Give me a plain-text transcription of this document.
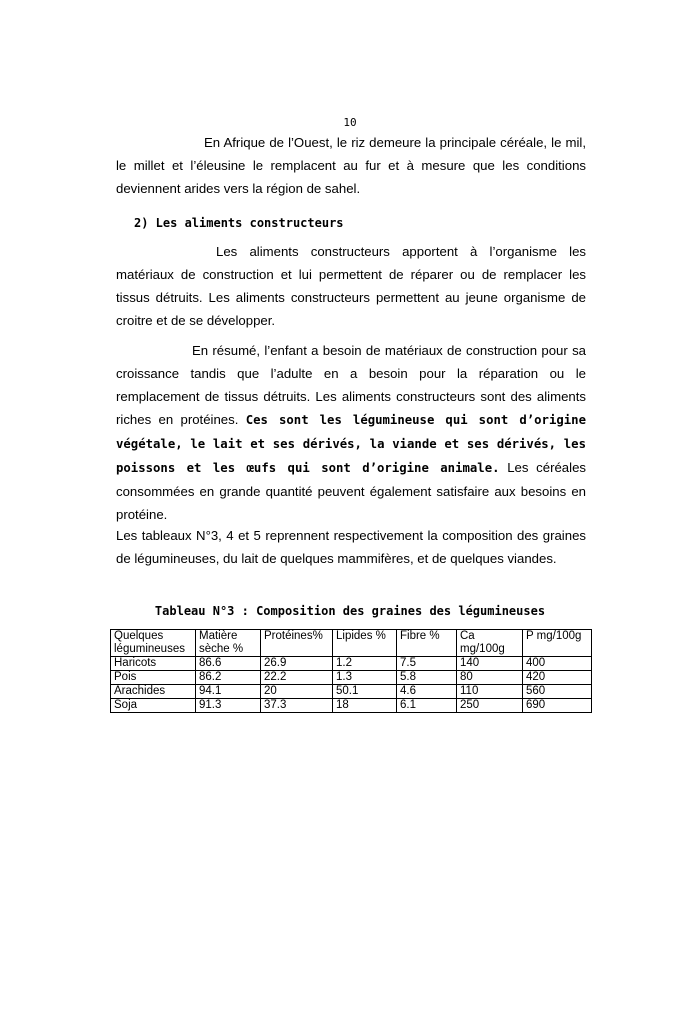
10

En Afrique de l’Ouest, le riz demeure la principale céréale, le mil, le millet et l’éleusine le remplacent au fur et à mesure que les conditions deviennent arides vers la région de sahel.

2) Les aliments constructeurs

Les aliments constructeurs apportent à l’organisme les matériaux de construction et lui permettent de réparer ou de remplacer les tissus détruits. Les aliments constructeurs permettent au jeune organisme de croitre et de se développer.

En résumé, l’enfant a besoin de matériaux de construction pour sa croissance tandis que l’adulte en a besoin pour la réparation ou le remplacement de tissus détruits. Les aliments constructeurs sont des aliments riches en protéines. Ces sont les légumineuse qui sont d’origine végétale, le lait et ses dérivés, la viande et ses dérivés, les poissons et les œufs qui sont d’origine animale. Les céréales consommées en grande quantité peuvent également satisfaire aux besoins en protéine.

Les tableaux N°3, 4 et 5 reprennent respectivement la composition des graines de légumineuses, du lait de quelques mammifères, et de quelques viandes.

Tableau N°3 : Composition des graines des légumineuses
Quelques légumineuses	Matière sèche %	Protéines%	Lipides %	Fibre %	Ca mg/100g	P mg/100g
Haricots	86.6	26.9	1.2	7.5	140	400
Pois	86.2	22.2	1.3	5.8	80	420
Arachides	94.1	20	50.1	4.6	110	560
Soja	91.3	37.3	18	6.1	250	690
